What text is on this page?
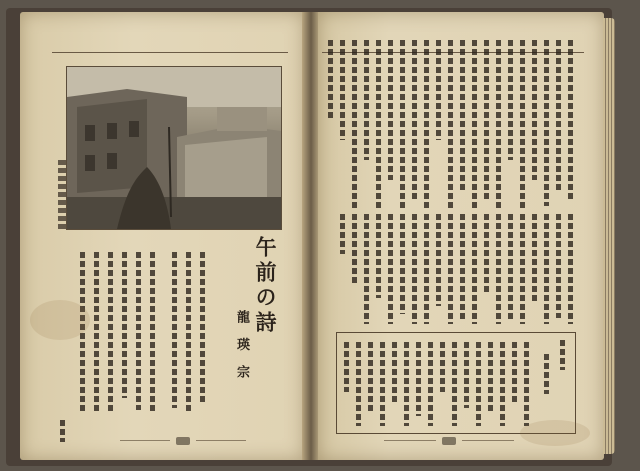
午前の詩
龍 瑛 宗
